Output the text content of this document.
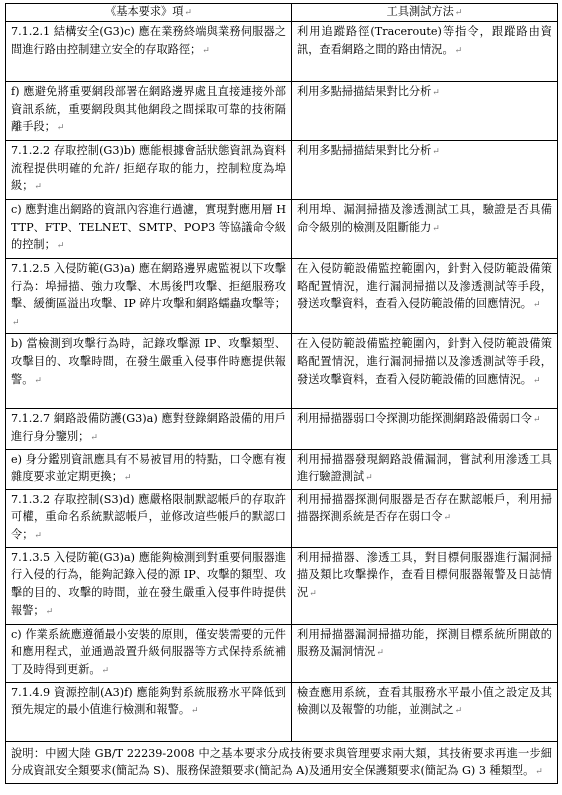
《基本要求》項↵	工具測試方法↵
7.1.2.1 結構安全(G3)c) 應在業務終端與業務伺服器之間進行路由控制建立安全的存取路徑；↵	利用追蹤路徑(Traceroute)等指令，跟蹤路由資訊，查看網路之間的路由情況。↵
f) 應避免將重要網段部署在網路邊界處且直接連接外部資訊系統，重要網段與其他網段之間採取可靠的技術隔離手段；↵	利用多點掃描結果對比分析↵
7.1.2.2 存取控制(G3)b) 應能根據會話狀態資訊為資料流程提供明確的允許/ 拒絕存取的能力，控制粒度為埠級；↵	利用多點掃描結果對比分析↵
c) 應對進出網路的資訊內容進行過濾，實現對應用層 HTTP、FTP、TELNET、SMTP、POP3 等協議命令級的控制；↵	利用埠、漏洞掃描及滲透測試工具，驗證是否具備命令級別的檢測及阻斷能力↵
7.1.2.5 入侵防範(G3)a) 應在網路邊界處監視以下攻擊行為：埠掃描、強力攻擊、木馬後門攻擊、拒絕服務攻擊、緩衝區溢出攻擊、IP 碎片攻擊和網路蠕蟲攻擊等；↵	在入侵防範設備監控範圍內，針對入侵防範設備策略配置情況，進行漏洞掃描以及滲透測試等手段，發送攻擊資料，查看入侵防範設備的回應情況。↵
b) 當檢測到攻擊行為時，記錄攻擊源 IP、攻擊類型、攻擊目的、攻擊時間，在發生嚴重入侵事件時應提供報警。↵	在入侵防範設備監控範圍內，針對入侵防範設備策略配置情況，進行漏洞掃描以及滲透測試等手段，發送攻擊資料，查看入侵防範設備的回應情況。↵
7.1.2.7 網路設備防護(G3)a) 應對登錄網路設備的用戶進行身分鑒別；↵	利用掃描器弱口令探測功能探測網路設備弱口令↵
e) 身分鑑別資訊應具有不易被冒用的特點，口令應有複雜度要求並定期更換；↵	利用掃描器發現網路設備漏洞，嘗試利用滲透工具進行驗證測試↵
7.1.3.2 存取控制(S3)d) 應嚴格限制默認帳戶的存取許可權，重命名系統默認帳戶，並修改這些帳戶的默認口令；↵	利用掃描器探測伺服器是否存在默認帳戶，利用掃描器探測系統是否存在弱口令↵
7.1.3.5 入侵防範(G3)a) 應能夠檢測到對重要伺服器進行入侵的行為，能夠記錄入侵的源 IP、攻擊的類型、攻擊的目的、攻擊的時間，並在發生嚴重入侵事件時提供報警；↵	利用掃描器、滲透工具，對目標伺服器進行漏洞掃描及類比攻擊操作，查看目標伺服器報警及日誌情況↵
c) 作業系統應遵循最小安裝的原則，僅安裝需要的元件和應用程式，並通過設置升級伺服器等方式保持系統補丁及時得到更新。↵	利用掃描器漏洞掃描功能，探測目標系統所開啟的服務及漏洞情況↵
7.1.4.9 資源控制(A3)f) 應能夠對系統服務水平降低到預先規定的最小值進行檢測和報警。↵	檢查應用系統，查看其服務水平最小值之設定及其檢測以及報警的功能，並測試之↵
說明：中國大陸 GB/T 22239-2008 中之基本要求分成技術要求與管理要求兩大類，其技術要求再進一步細分成資訊安全類要求(簡記為 S)、服務保證類要求(簡記為 A)及通用安全保護類要求(簡記為 G) 3 種類型。↵	
